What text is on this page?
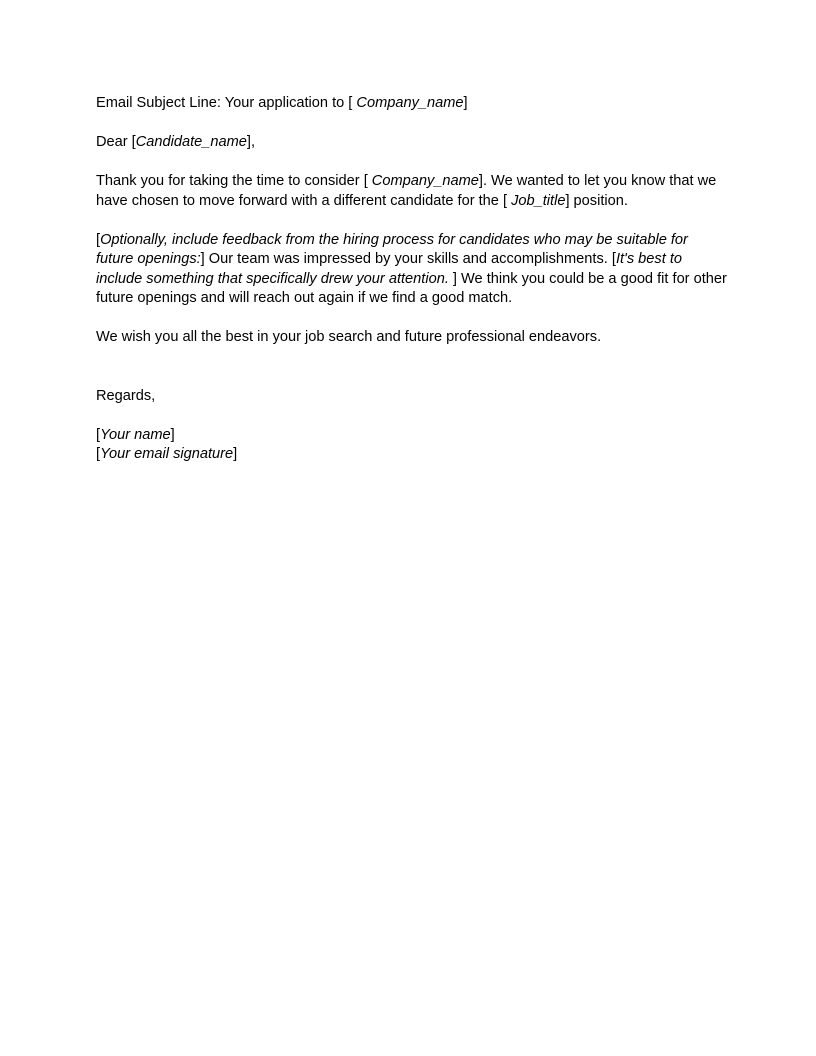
Email Subject Line: Your application to [ Company_name]

Dear [Candidate_name],

Thank you for taking the time to consider [ Company_name]. We wanted to let you know that we have chosen to move forward with a different candidate for the [ Job_title] position.

[Optionally, include feedback from the hiring process for candidates who may be suitable for future openings:] Our team was impressed by your skills and accomplishments. [It's best to include something that specifically drew your attention. ] We think you could be a good fit for other future openings and will reach out again if we find a good match.

We wish you all the best in your job search and future professional endeavors.

Regards,

[Your name]

[Your email signature]
